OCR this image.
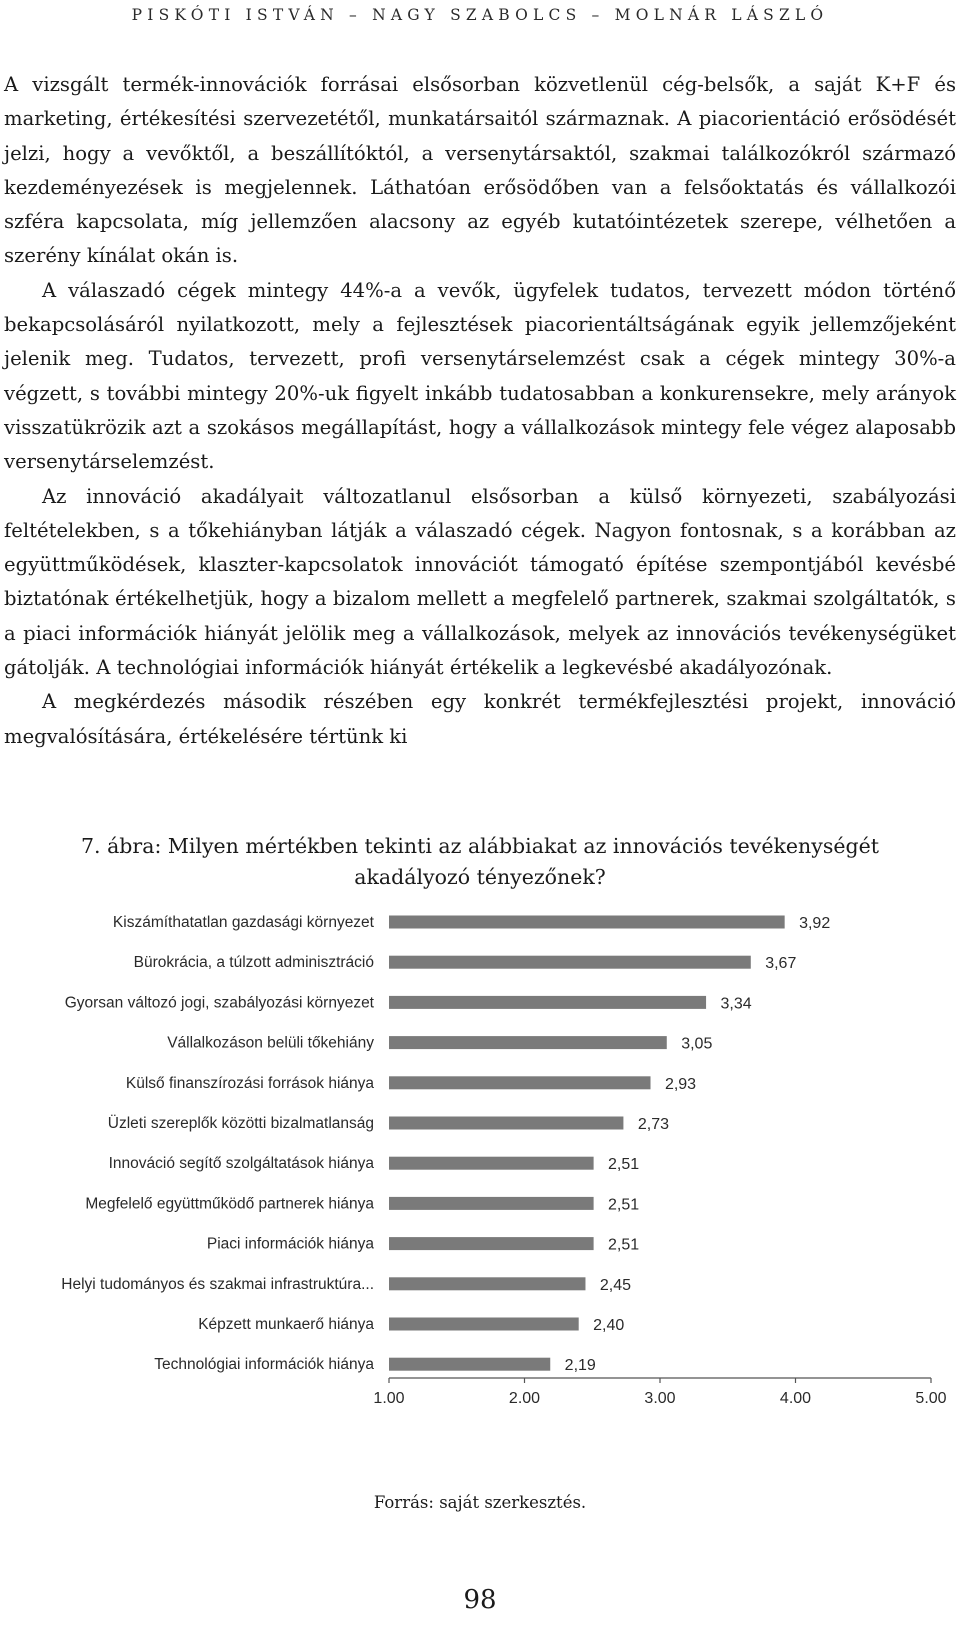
PISKÓTI ISTVÁN – NAGY SZABOLCS – MOLNÁR LÁSZLÓ

A vizsgált termék-innovációk forrásai elsősorban közvetlenül cég-belsők, a saját K+F és marketing, értékesítési szervezetétől, munkatársaitól származnak. A piacorientáció erősödését jelzi, hogy a vevőktől, a beszállítóktól, a versenytársaktól, szakmai találkozókról származó kezdeményezések is megjelennek. Láthatóan erősödőben van a felsőoktatás és vállalkozói szféra kapcsolata, míg jellemzően alacsony az egyéb kutatóintézetek szerepe, vélhetően a szerény kínálat okán is.

A válaszadó cégek mintegy 44%-a a vevők, ügyfelek tudatos, tervezett módon történő bekapcsolásáról nyilatkozott, mely a fejlesztések piacorientáltságának egyik jellemzőjeként jelenik meg. Tudatos, tervezett, profi versenytárselemzést csak a cégek mintegy 30%-a végzett, s további mintegy 20%-uk figyelt inkább tudatosabban a konkurensekre, mely arányok visszatükrözik azt a szokásos megállapítást, hogy a vállalkozások mintegy fele végez alaposabb versenytárselemzést.

Az innováció akadályait változatlanul elsősorban a külső környezeti, szabályozási feltételekben, s a tőkehiányban látják a válaszadó cégek. Nagyon fontosnak, s a korábban az együttműködések, klaszter-kapcsolatok innovációt támogató építése szempontjából kevésbé biztatónak értékelhetjük, hogy a bizalom mellett a megfelelő partnerek, szakmai szolgáltatók, s a piaci információk hiányát jelölik meg a vállalkozások, melyek az innovációs tevékenységüket gátolják. A technológiai információk hiányát értékelik a legkevésbé akadályozónak.

A megkérdezés második részében egy konkrét termékfejlesztési projekt, innováció megvalósítására, értékelésére tértünk ki

7. ábra: Milyen mértékben tekinti az alábbiakat az innovációs tevékenységét akadályozó tényezőnek?
Kiszámíthatatlan gazdasági környezet	3,92
Bürokrácia, a túlzott adminisztráció	3,67
Gyorsan változó jogi, szabályozási környezet	3,34
Vállalkozáson belüli tőkehiány	3,05
Külső finanszírozási források hiánya	2,93
Üzleti szereplők közötti bizalmatlanság	2,73
Innováció segítő szolgáltatások hiánya	2,51
Megfelelő együttműködő partnerek hiánya	2,51
Piaci információk hiánya	2,51
Helyi tudományos és szakmai infrastruktúra...	2,45
Képzett munkaerő hiánya	2,40
Technológiai információk hiánya	2,19
1.00	2.00	3.00	4.00	5.00
Forrás: saját szerkesztés.
98
